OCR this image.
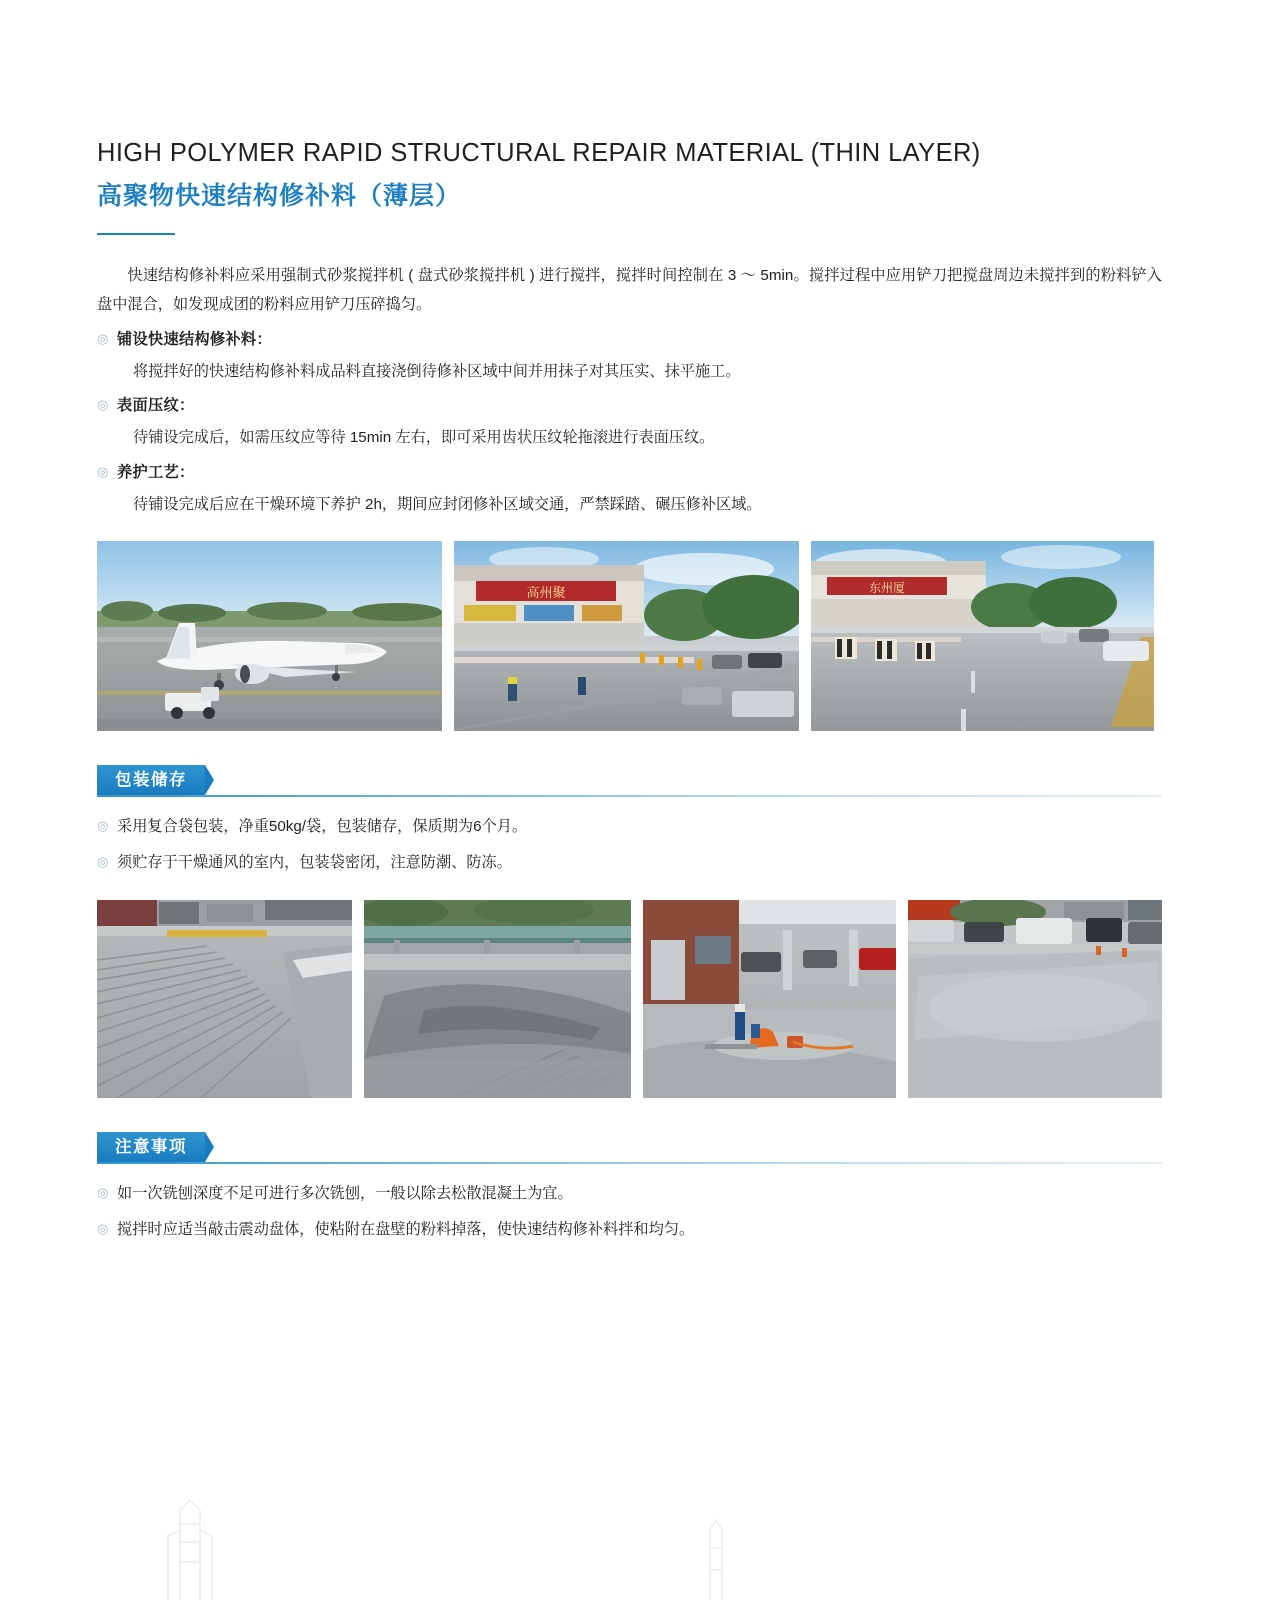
HIGH POLYMER RAPID STRUCTURAL REPAIR MATERIAL (THIN LAYER)
高聚物快速结构修补料（薄层）
快速结构修补料应采用强制式砂浆搅拌机 ( 盘式砂浆搅拌机 ) 进行搅拌，搅拌时间控制在 3 ～ 5min。搅拌过程中应用铲刀把搅盘周边未搅拌到的粉料铲入盘中混合，如发现成团的粉料应用铲刀压碎捣匀。
◎ 铺设快速结构修补料：
将搅拌好的快速结构修补料成品料直接浇倒待修补区域中间并用抹子对其压实、抹平施工。
◎ 表面压纹：
待铺设完成后，如需压纹应等待 15min 左右，即可采用齿状压纹轮拖滚进行表面压纹。
◎ 养护工艺：
待铺设完成后应在干燥环境下养护 2h，期间应封闭修补区域交通，严禁踩踏、碾压修补区域。
高州聚	东州厦
包装储存
◎ 采用复合袋包装，净重50kg/袋，包装储存，保质期为6个月。
◎ 须贮存于干燥通风的室内，包装袋密闭，注意防潮、防冻。
注意事项
◎ 如一次铣刨深度不足可进行多次铣刨，一般以除去松散混凝土为宜。
◎ 搅拌时应适当敲击震动盘体，使粘附在盘壁的粉料掉落，使快速结构修补料拌和均匀。
